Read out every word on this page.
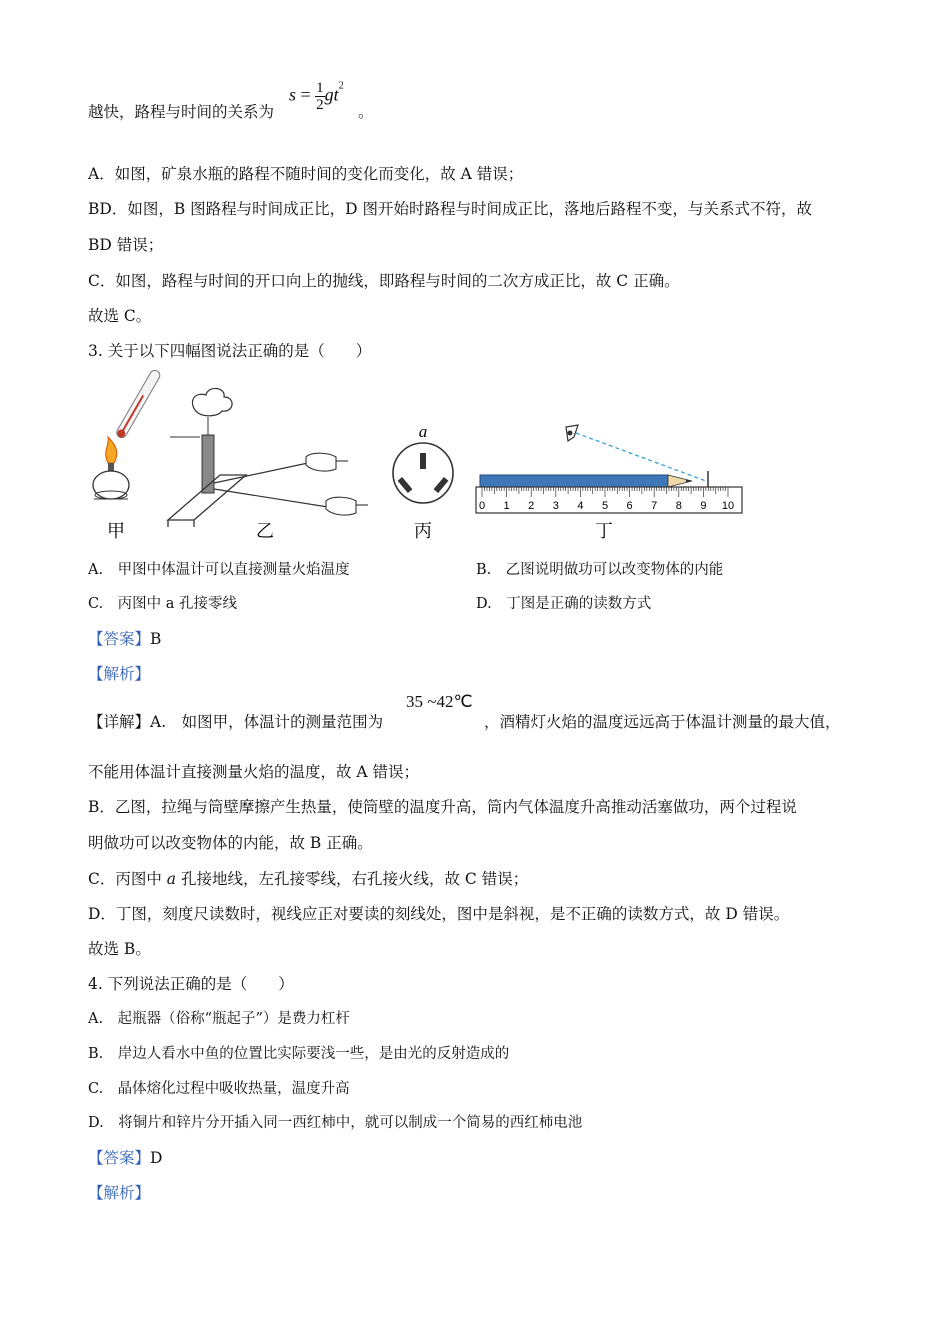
越快，路程与时间的关系为
$s = \frac{1}{2} gt^2$
。
A．如图，矿泉水瓶的路程不随时间的变化而变化，故 A 错误；
BD．如图，B 图路程与时间成正比，D 图开始时路程与时间成正比，落地后路程不变，与关系式不符，故
BD 错误；
C．如图，路程与时间的开口向上的抛线，即路程与时间的二次方成正比，故 C 正确。
故选 C。
3. 关于以下四幅图说法正确的是（　　）
甲	乙
a
丙
0 1 2 3 4 5 6 7 8 9 10
丁
A.　甲图中体温计可以直接测量火焰温度	B.　乙图说明做功可以改变物体的内能
C.　丙图中 a 孔接零线	D.　丁图是正确的读数方式
【答案】B
【解析】
【详解】A.　如图甲，体温计的测量范围为
35 ~42℃
，酒精灯火焰的温度远远高于体温计测量的最大值，
不能用体温计直接测量火焰的温度，故 A 错误；
B．乙图，拉绳与筒壁摩擦产生热量，使筒壁的温度升高，筒内气体温度升高推动活塞做功，两个过程说
明做功可以改变物体的内能，故 B 正确。
C．丙图中 a 孔接地线，左孔接零线，右孔接火线，故 C 错误；
D．丁图，刻度尺读数时，视线应正对要读的刻线处，图中是斜视，是不正确的读数方式，故 D 错误。
故选 B。
4. 下列说法正确的是（　　）
A.　起瓶器（俗称“瓶起子”）是费力杠杆
B.　岸边人看水中鱼的位置比实际要浅一些，是由光的反射造成的
C.　晶体熔化过程中吸收热量，温度升高
D.　将铜片和锌片分开插入同一西红柿中，就可以制成一个简易的西红柿电池
【答案】D
【解析】
